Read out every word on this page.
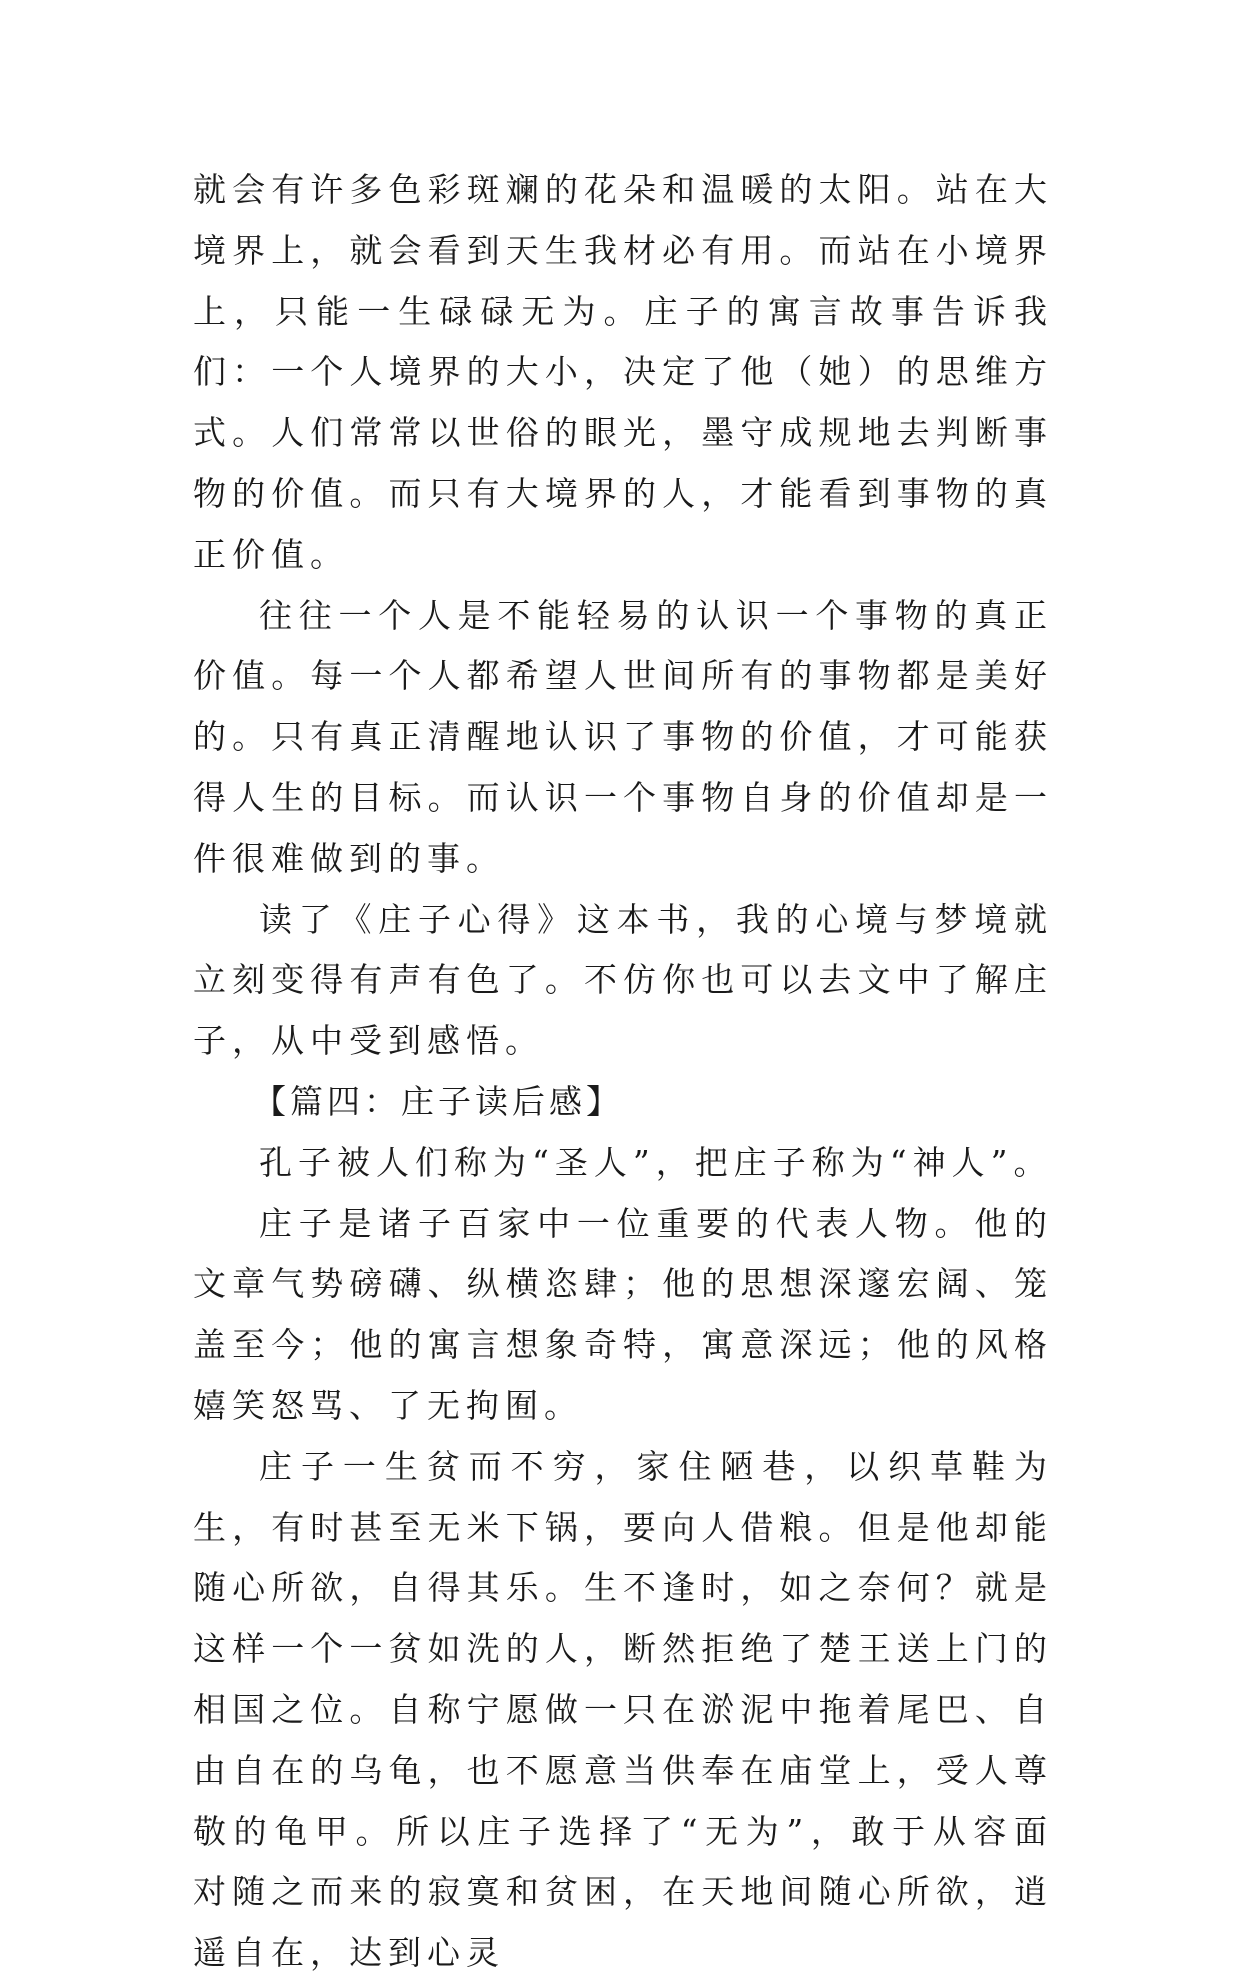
就会有许多色彩斑斓的花朵和温暖的太阳。站在大境界上，就会看到天生我材必有用。而站在小境界上，只能一生碌碌无为。庄子的寓言故事告诉我们：一个人境界的大小，决定了他（她）的思维方式。人们常常以世俗的眼光，墨守成规地去判断事物的价值。而只有大境界的人，才能看到事物的真正价值。

往往一个人是不能轻易的认识一个事物的真正价值。每一个人都希望人世间所有的事物都是美好的。只有真正清醒地认识了事物的价值，才可能获得人生的目标。而认识一个事物自身的价值却是一件很难做到的事。

读了《庄子心得》这本书，我的心境与梦境就立刻变得有声有色了。不仿你也可以去文中了解庄子，从中受到感悟。

【篇四：庄子读后感】

孔子被人们称为“圣人”，把庄子称为“神人”。

庄子是诸子百家中一位重要的代表人物。他的文章气势磅礴、纵横恣肆；他的思想深邃宏阔、笼盖至今；他的寓言想象奇特，寓意深远；他的风格嬉笑怒骂、了无拘囿。

庄子一生贫而不穷，家住陋巷，以织草鞋为生，有时甚至无米下锅，要向人借粮。但是他却能随心所欲，自得其乐。生不逢时，如之奈何？就是这样一个一贫如洗的人，断然拒绝了楚王送上门的相国之位。自称宁愿做一只在淤泥中拖着尾巴、自由自在的乌龟，也不愿意当供奉在庙堂上，受人尊敬的龟甲。所以庄子选择了“无为”，敢于从容面对随之而来的寂寞和贫困，在天地间随心所欲，逍遥自在，达到心灵
